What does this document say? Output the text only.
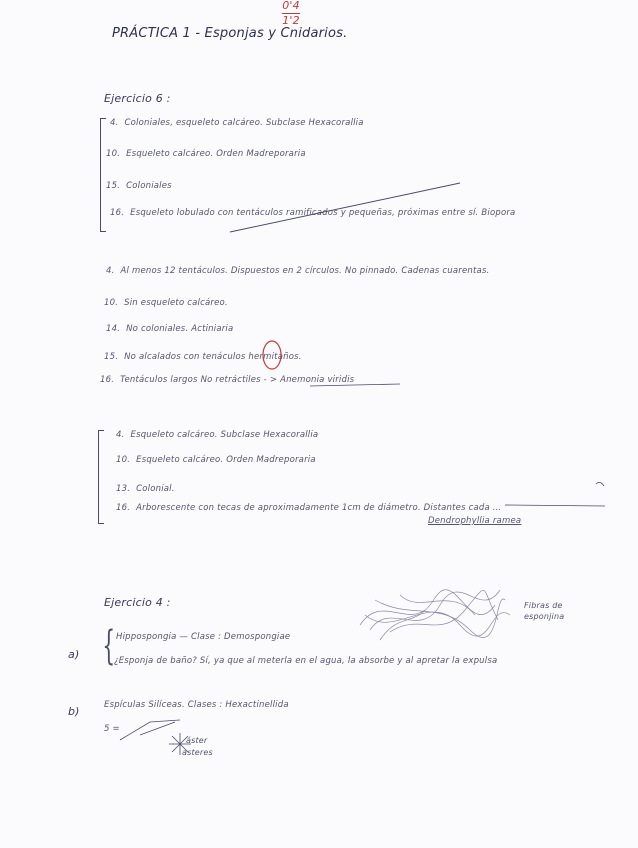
PRÁCTICA 1 - Esponjas y Cnidarios.
0'4
1'2
Ejercicio 6 :
4. Coloniales, esqueleto calcáreo. Subclase Hexacorallia
10. Esqueleto calcáreo. Orden Madreporaria
15. Coloniales
16. Esqueleto lobulado con tentáculos ramificados y pequeñas, próximas entre sí. Biopora
4. Al menos 12 tentáculos. Dispuestos en 2 círculos. No pinnado. Cadenas cuarentas.
10. Sin esqueleto calcáreo.
14. No coloniales. Actiniaria
15. No alcalados con tenáculos hermitaños.
16. Tentáculos largos No retráctiles - > Anemonia viridis
4. Esqueleto calcáreo. Subclase Hexacorallia
10. Esqueleto calcáreo. Orden Madreporaria
13. Colonial.
16. Arborescente con tecas de aproximadamente 1cm de diámetro. Distantes cada ...
Dendrophyllia ramea
Ejercicio 4 :	Fibras de esponjina
a) { Hippospongia — Clase : Demospongiae
¿Esponja de baño? Sí, ya que al meterla en el agua, la absorbe y al apretar la expulsa
b)	Espículas Silíceas. Clases : Hexactinellida
5 =
áster
asteres
